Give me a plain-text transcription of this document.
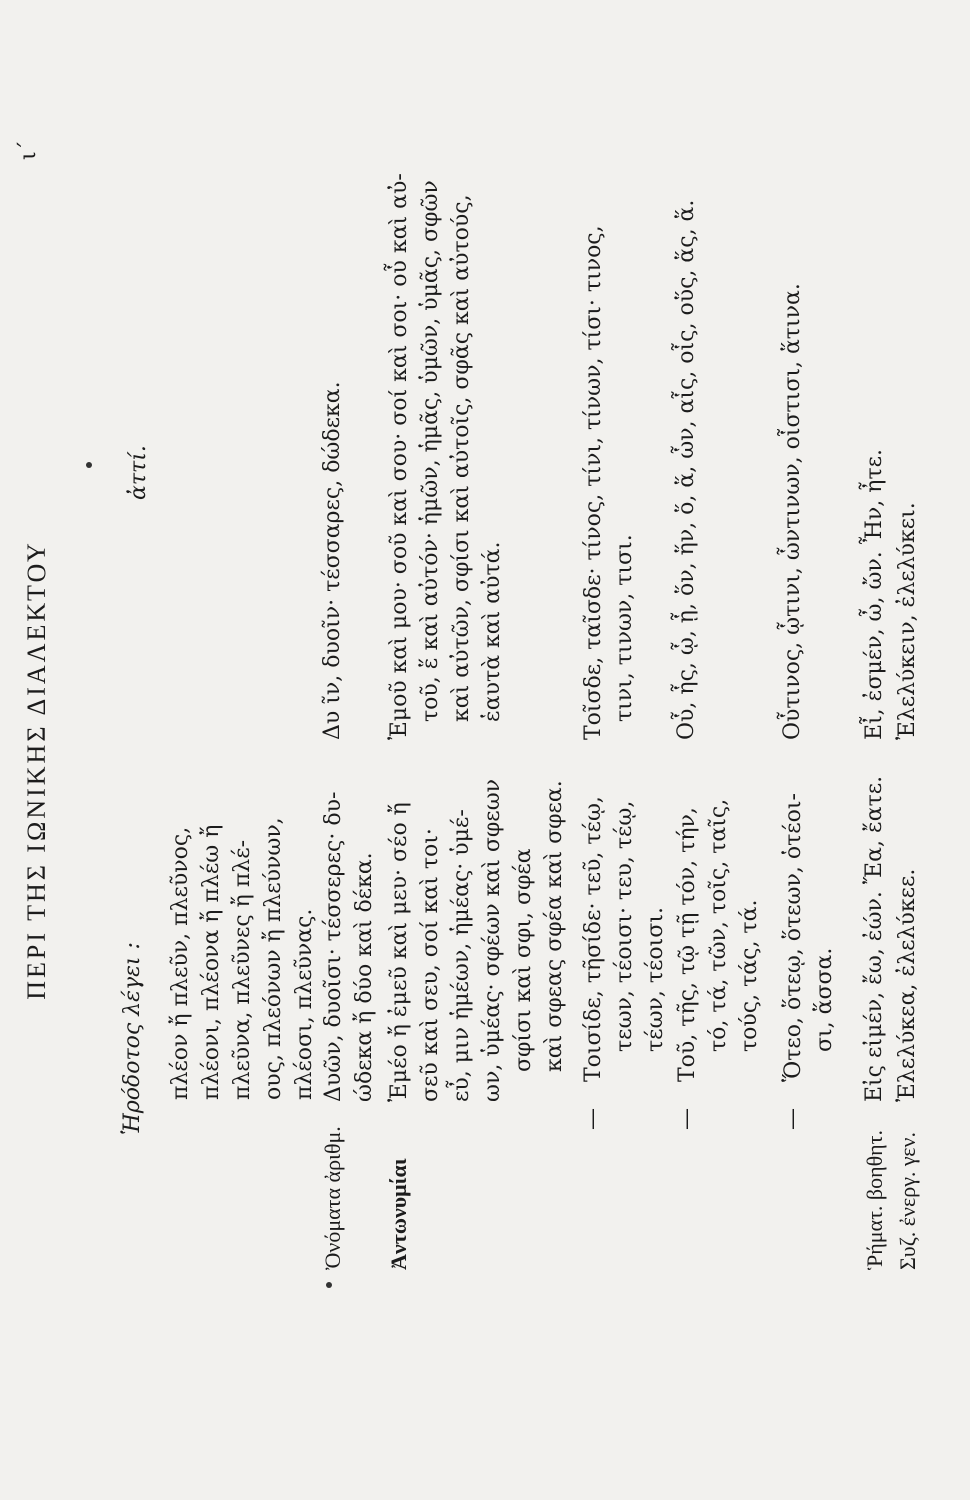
ι΄
ΠΕΡΙ ΤΗΣ ΙΩΝΙΚΗΣ ΔΙΑΛΕΚΤΟΥ
Ἡρόδοτος λέγει :
ἀττί.
πλέον ἤ πλεῦν, πλεῦνος, πλέονι, πλέονα ἤ πλέω ἤ πλεῦνα, πλεῦνες ἤ πλέ- ους, πλεόνων ἤ πλεύνων, πλέοσι, πλεῦνας.
Ὀνόματα ἀριθμ.
Δυῶν, δυοῖσι· τέσσερες· δυ- ώδεκα ἤ δύο καὶ δέκα.
Δυ ῖν, δυοῖν· τέσσαρες, δώδεκα.
Ἀντωνυμίαι
Ἐμέο ἤ ἐμεῦ καὶ μευ· σέο ἤ σεῦ καὶ σευ, σοί καὶ τοι· εὖ, μιν ἡμέων, ἡμέας· ὑμέ- ων, ὑμέας· σφέων καὶ σφεων σφίσι καὶ σφι, σφέα καὶ σφεας σφέα καὶ σφεα.
Ἐμοῦ καὶ μου· σοῦ καὶ σου· σοί καὶ σοι· οὗ καὶ αὐ- τοῦ, ἕ καὶ αὐτόν· ἡμῶν, ἡμᾶς, ὑμῶν, ὑμᾶς, σφῶν καὶ αὐτῶν, σφίσι καὶ αὐτοῖς, σφᾶς καὶ αὐτούς, ἑαυτὰ καὶ αὐτά.
—
Τοισίδε, τῆσίδε· τεῦ, τέῳ, τεων, τέοισι· τευ, τέῳ, τέων, τέοισι.
Τοῖσδε, ταῖσδε· τίνος, τίνι, τίνων, τίσι· τινος, τινι, τινων, τισι.
—
Τοῦ, τῆς, τῷ τῇ τόν, τήν, τό, τά, τῶν, τοῖς, ταῖς, τούς, τάς, τά.
Οὗ, ἧς, ᾧ, ᾗ, ὅν, ἥν, ὅ, ἅ, ὧν, αἷς, οἷς, οὕς, ἅς, ἅ.
—
Ὅτεο, ὅτεῳ, ὅτεων, ὁτέοι- σι, ἅσσα.
Οὗτινος, ᾧτινι, ὧντινων, οἷστισι, ἅτινα.
Ῥήματ. βοηθητ.
Εἰς εἰμέν, ἔω, ἐών. Ἔα, ἔατε.
Εἶ, ἐσμέν, ὦ, ὤν. Ἦν, ἦτε.
Συζ. ἐνεργ. γεν.
Ἐλελύκεα, ἐλελύκεε.
Ἐλελύκειν, ἐλελύκει.
